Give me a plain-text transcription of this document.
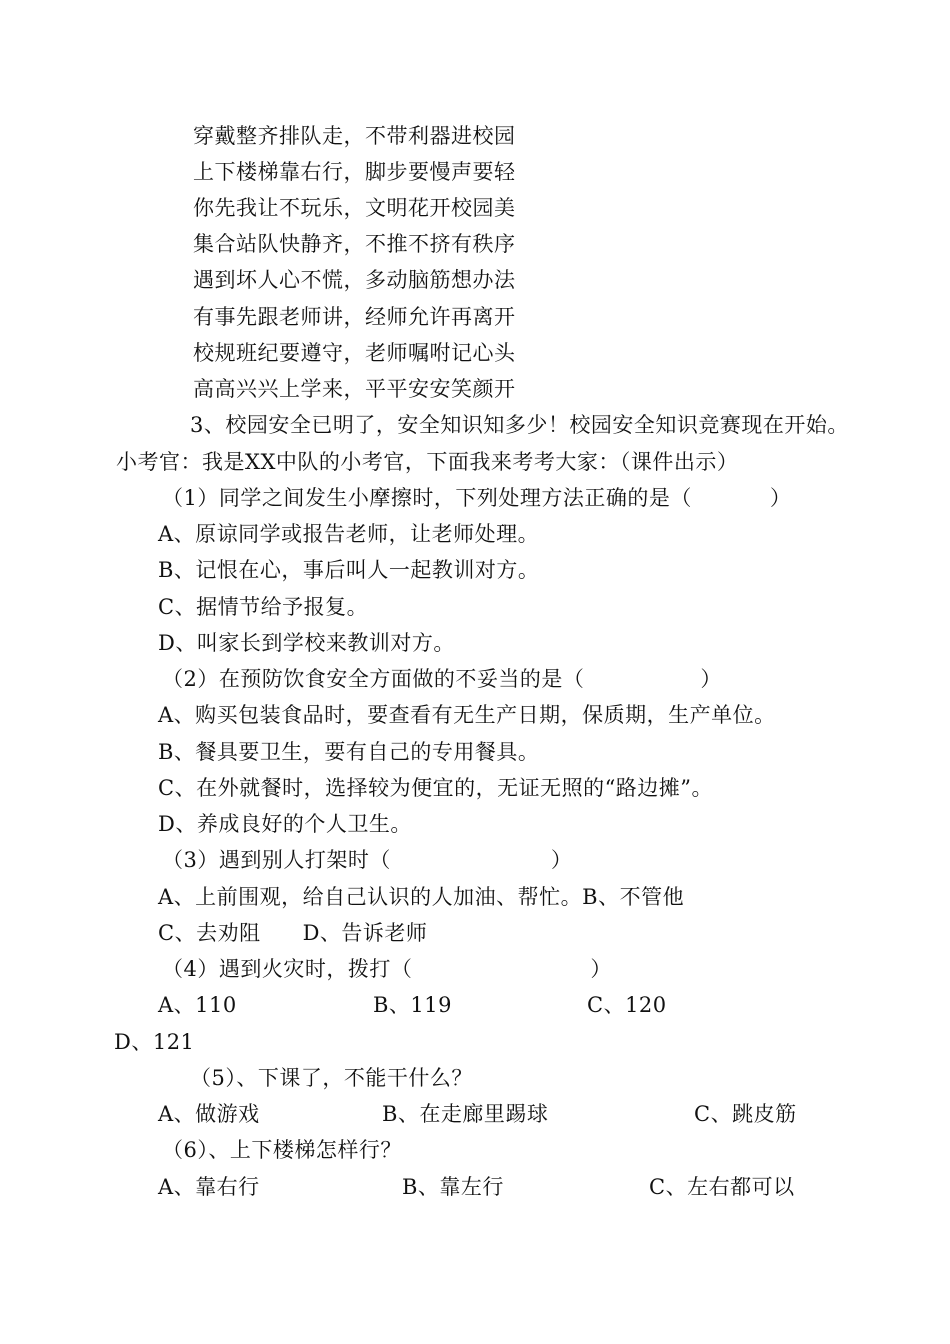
穿戴整齐排队走，不带利器进校园
上下楼梯靠右行，脚步要慢声要轻
你先我让不玩乐，文明花开校园美
集合站队快静齐，不推不挤有秩序
遇到坏人心不慌，多动脑筋想办法
有事先跟老师讲，经师允许再离开
校规班纪要遵守，老师嘱咐记心头
高高兴兴上学来，平平安安笑颜开
3、校园安全已明了，安全知识知多少！校园安全知识竞赛现在开始。
小考官：我是XX中队的小考官，下面我来考考大家：（课件出示）
（1）同学之间发生小摩擦时，下列处理方法正确的是（	）
A、原谅同学或报告老师，让老师处理。
B、记恨在心，事后叫人一起教训对方。
C、据情节给予报复。
D、叫家长到学校来教训对方。
（2）在预防饮食安全方面做的不妥当的是（	）
A、购买包装食品时，要查看有无生产日期，保质期，生产单位。
B、餐具要卫生，要有自己的专用餐具。
C、在外就餐时，选择较为便宜的，无证无照的“路边摊”。
D、养成良好的个人卫生。
（3）遇到别人打架时（	）
A、上前围观，给自己认识的人加油、帮忙。B、不管他
C、去劝阻 D、告诉老师
（4）遇到火灾时，拨打（	）
A、110	B、119	C、120
D、121
（5）、下课了，不能干什么？
A、做游戏	B、在走廊里踢球	C、跳皮筋
（6）、上下楼梯怎样行？
A、靠右行	B、靠左行	C、左右都可以
